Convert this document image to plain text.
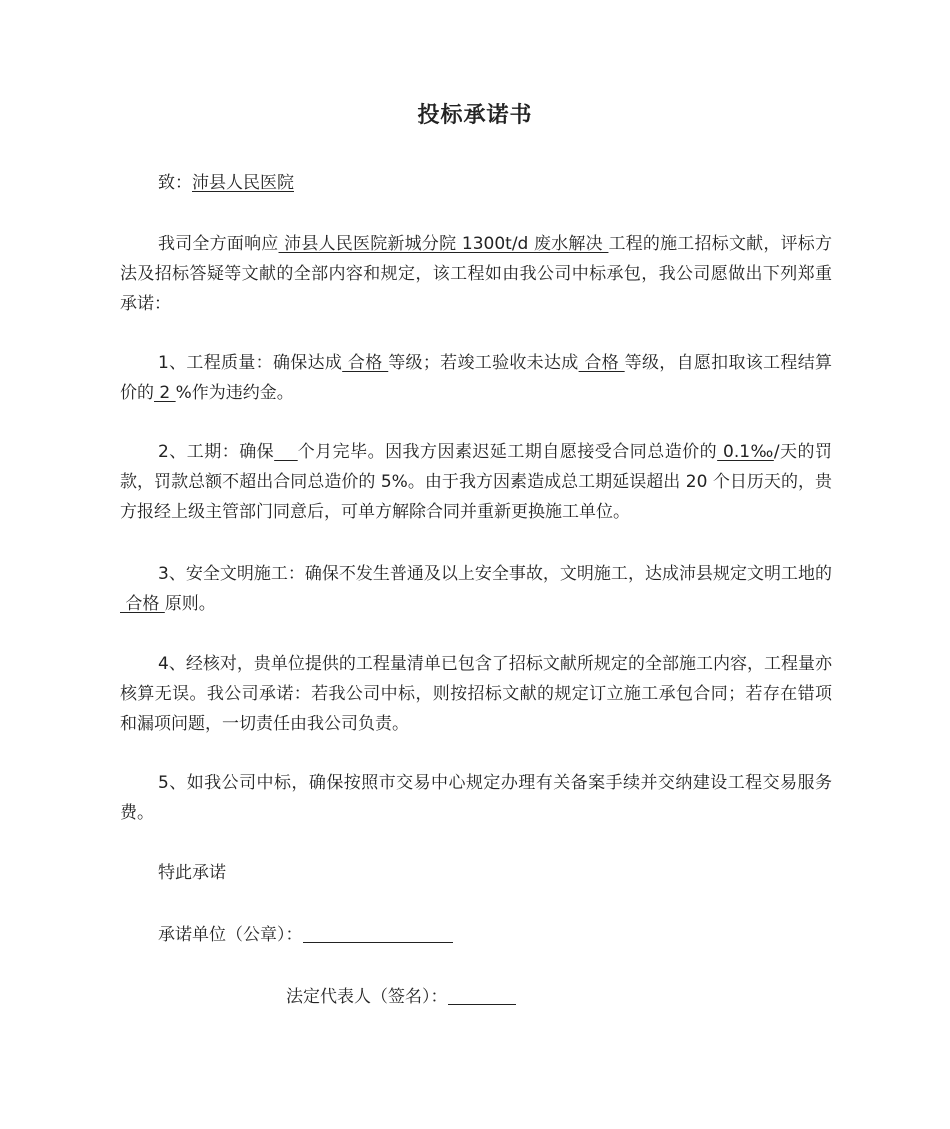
投标承诺书
致：沛县人民医院
我司全方面响应 沛县人民医院新城分院 1300t/d 废水解决 工程的施工招标文献，评标方法及招标答疑等文献的全部内容和规定，该工程如由我公司中标承包，我公司愿做出下列郑重承诺：
1、工程质量：确保达成 合格 等级；若竣工验收未达成 合格 等级，自愿扣取该工程结算价的 2 %作为违约金。
2、工期：确保 个月完毕。因我方因素迟延工期自愿接受合同总造价的 0.1‰/天的罚款，罚款总额不超出合同总造价的 5%。由于我方因素造成总工期延误超出 20 个日历天的，贵方报经上级主管部门同意后，可单方解除合同并重新更换施工单位。
3、安全文明施工：确保不发生普通及以上安全事故，文明施工，达成沛县规定文明工地的 合格 原则。
4、经核对，贵单位提供的工程量清单已包含了招标文献所规定的全部施工内容，工程量亦核算无误。我公司承诺：若我公司中标，则按招标文献的规定订立施工承包合同；若存在错项和漏项问题，一切责任由我公司负责。
5、如我公司中标，确保按照市交易中心规定办理有关备案手续并交纳建设工程交易服务费。
特此承诺
承诺单位（公章）：
法定代表人（签名）：
